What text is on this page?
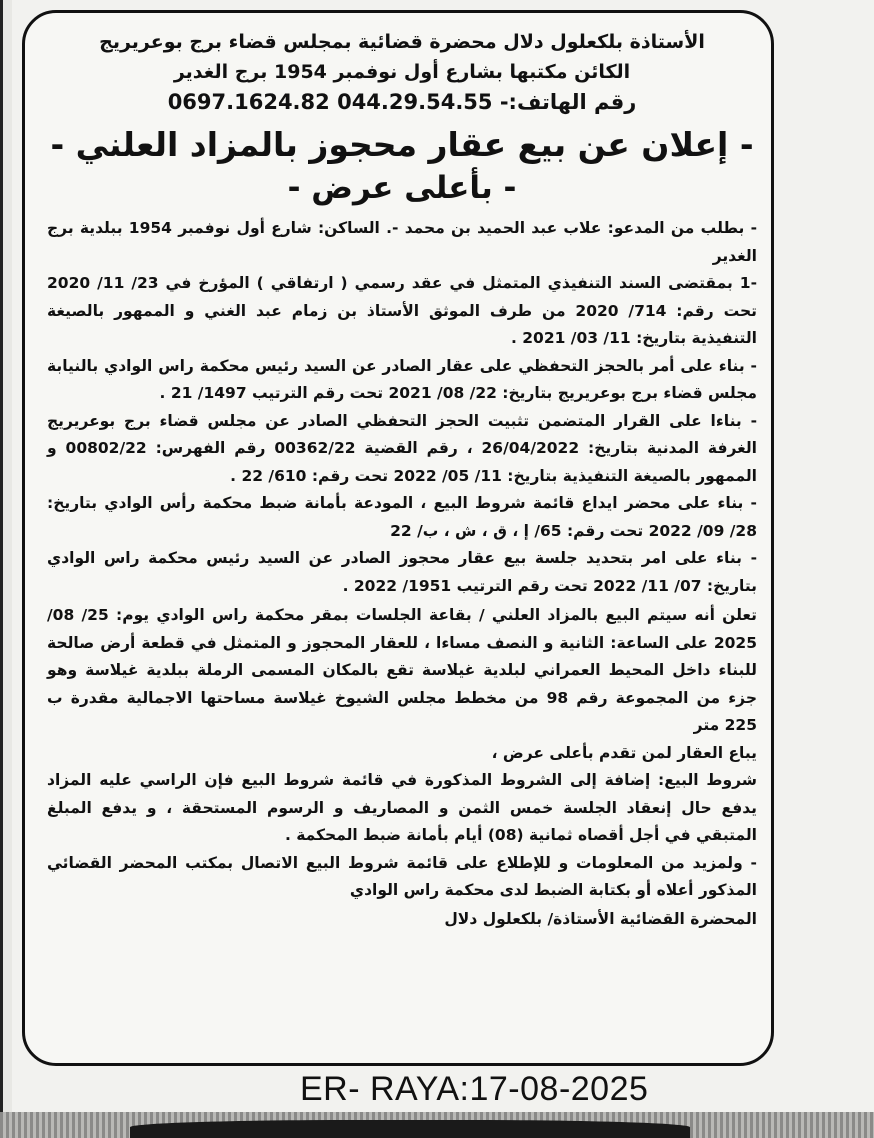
الأستاذة بلكعلول دلال محضرة قضائية بمجلس قضاء برج بوعريريج
الكائن مكتبها بشارع أول نوفمبر 1954 برج الغدير
رقم الهاتف:- 044.29.54.55 0697.1624.82
- إعلان عن بيع عقار محجوز بالمزاد العلني -
- بأعلى عرض -

- بطلب من المدعو: علاب عبد الحميد بن محمد -. الساكن: شارع أول نوفمبر 1954 ببلدية برج الغدير

-1 بمقتضى السند التنفيذي المتمثل في عقد رسمي ( ارتفاقي ) المؤرخ في 23/ 11/ 2020 تحت رقم: 714/ 2020 من طرف الموثق الأستاذ بن زمام عبد الغني و الممهور بالصيغة التنفيذية بتاريخ: 11/ 03/ 2021 .

- بناء على أمر بالحجز التحفظي على عقار الصادر عن السيد رئيس محكمة راس الوادي بالنيابة مجلس قضاء برج بوعريريج بتاريخ: 22/ 08/ 2021 تحت رقم الترتيب 1497/ 21 .

- بناءا على القرار المتضمن تثبيت الحجز التحفظي الصادر عن مجلس قضاء برج بوعريريج الغرفة المدنية بتاريخ: 26/04/2022 ، رقم القضية 00362/22 رقم الفهرس: 00802/22 و الممهور بالصيغة التنفيذية بتاريخ: 11/ 05/ 2022 تحت رقم: 610/ 22 .

- بناء على محضر ايداع قائمة شروط البيع ، المودعة بأمانة ضبط محكمة رأس الوادي بتاريخ: 28/ 09/ 2022 تحت رقم: 65/ إ ، ق ، ش ، ب/ 22

- بناء على امر بتحديد جلسة بيع عقار محجوز الصادر عن السيد رئيس محكمة راس الوادي بتاريخ: 07/ 11/ 2022 تحت رقم الترتيب 1951/ 2022 .

تعلن أنه سيتم البيع بالمزاد العلني / بقاعة الجلسات بمقر محكمة راس الوادي يوم: 25/ 08/ 2025 على الساعة: الثانية و النصف مساءا ، للعقار المحجوز و المتمثل في قطعة أرض صالحة للبناء داخل المحيط العمراني لبلدية غيلاسة تقع بالمكان المسمى الرملة ببلدية غيلاسة وهو جزء من المجموعة رقم 98 من مخطط مجلس الشيوخ غيلاسة مساحتها الاجمالية مقدرة ب 225 متر

يباع العقار لمن تقدم بأعلى عرض ،

شروط البيع: إضافة إلى الشروط المذكورة في قائمة شروط البيع فإن الراسي عليه المزاد يدفع حال إنعقاد الجلسة خمس الثمن و المصاريف و الرسوم المستحقة ، و يدفع المبلغ المتبقي في أجل أقصاه ثمانية (08) أيام بأمانة ضبط المحكمة .

- ولمزيد من المعلومات و للإطلاع على قائمة شروط البيع الاتصال بمكتب المحضر القضائي المذكور أعلاه أو بكتابة الضبط لدى محكمة راس الوادي

المحضرة القضائية الأستاذة/ بلكعلول دلال
ER- RAYA:17-08-2025
